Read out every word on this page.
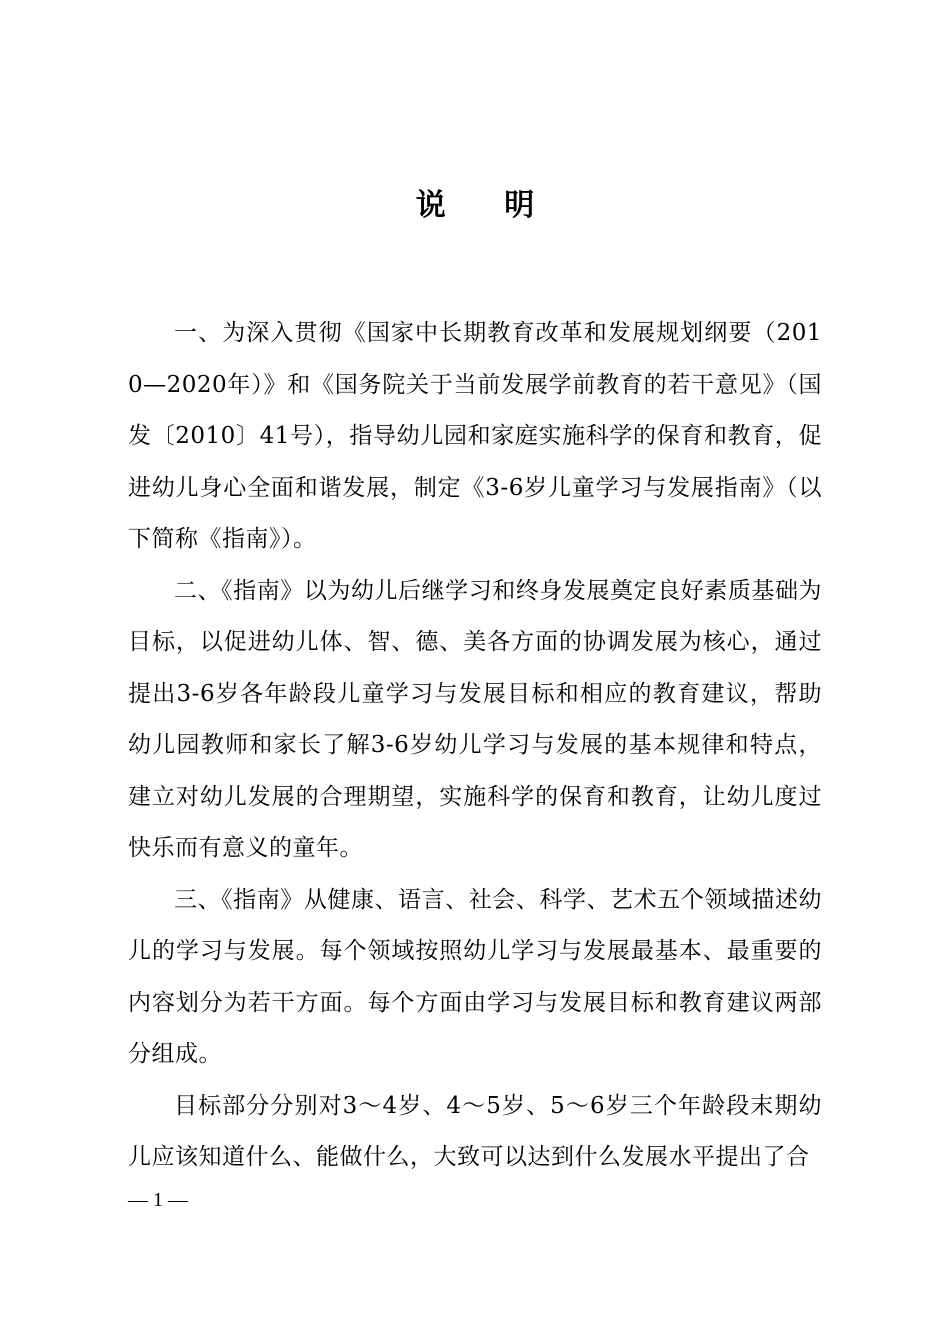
说 明

一、为深入贯彻《国家中长期教育改革和发展规划纲要（2010—2020年）》和《国务院关于当前发展学前教育的若干意见》（国发〔2010〕41号），指导幼儿园和家庭实施科学的保育和教育，促进幼儿身心全面和谐发展，制定《3-6岁儿童学习与发展指南》（以下简称《指南》）。

二、《指南》以为幼儿后继学习和终身发展奠定良好素质基础为目标，以促进幼儿体、智、德、美各方面的协调发展为核心，通过提出3-6岁各年龄段儿童学习与发展目标和相应的教育建议，帮助幼儿园教师和家长了解3-6岁幼儿学习与发展的基本规律和特点，建立对幼儿发展的合理期望，实施科学的保育和教育，让幼儿度过快乐而有意义的童年。

三、《指南》从健康、语言、社会、科学、艺术五个领域描述幼儿的学习与发展。每个领域按照幼儿学习与发展最基本、最重要的内容划分为若干方面。每个方面由学习与发展目标和教育建议两部分组成。

目标部分分别对3～4岁、4～5岁、5～6岁三个年龄段末期幼儿应该知道什么、能做什么，大致可以达到什么发展水平提出了合

— 1 —
